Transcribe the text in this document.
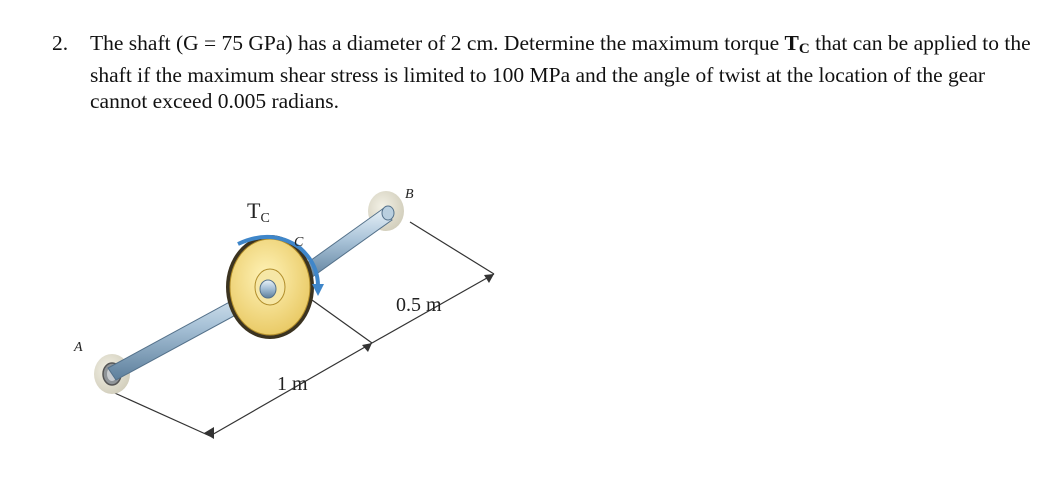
2. The shaft (G = 75 GPa) has a diameter of 2 cm. Determine the maximum torque $T_C$ that can be applied to the shaft if the maximum shear stress is limited to 100 MPa and the angle of twist at the location of the gear cannot exceed 0.005 radians.
A
B
C
TC
1 m
0.5 m
